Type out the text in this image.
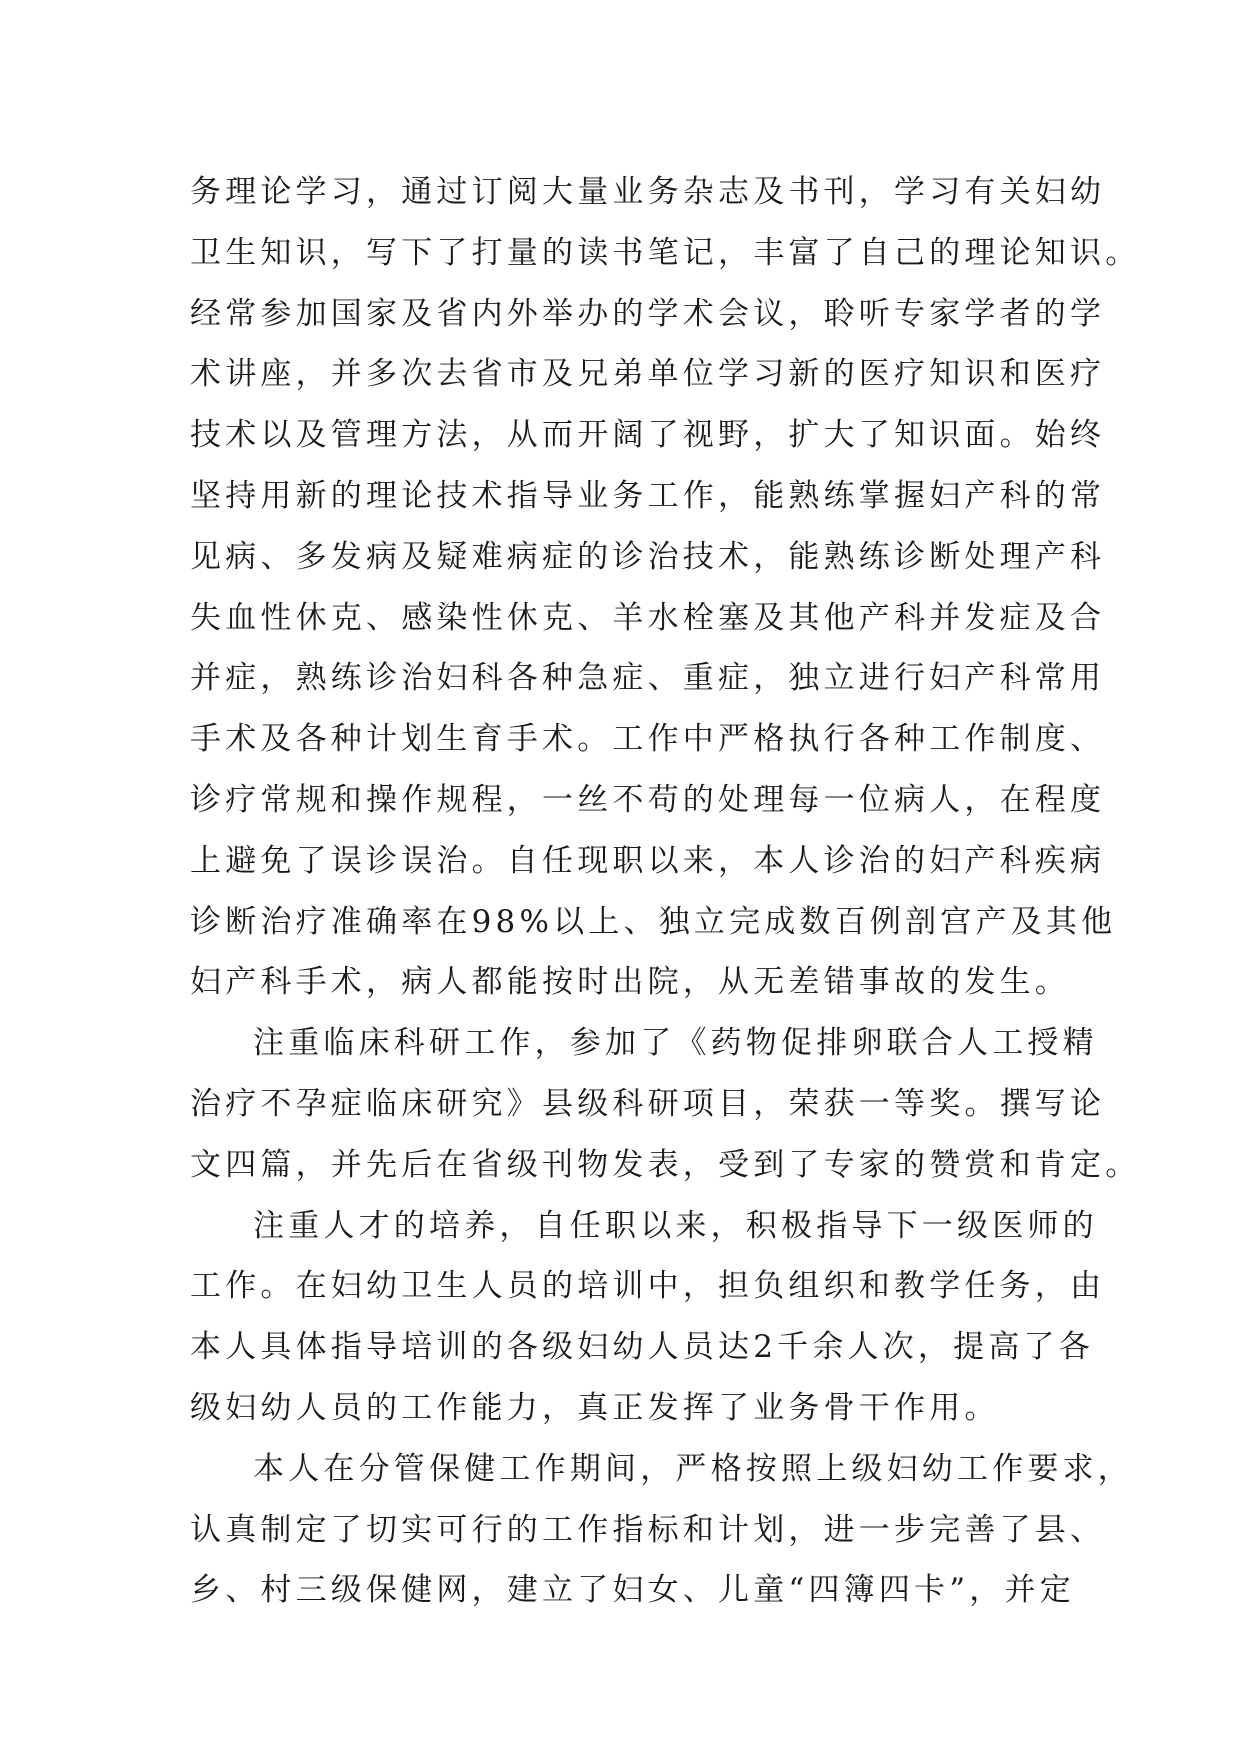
务理论学习，通过订阅大量业务杂志及书刊，学习有关妇幼
卫生知识，写下了打量的读书笔记，丰富了自己的理论知识。
经常参加国家及省内外举办的学术会议，聆听专家学者的学
术讲座，并多次去省市及兄弟单位学习新的医疗知识和医疗
技术以及管理方法，从而开阔了视野，扩大了知识面。始终
坚持用新的理论技术指导业务工作，能熟练掌握妇产科的常
见病、多发病及疑难病症的诊治技术，能熟练诊断处理产科
失血性休克、感染性休克、羊水栓塞及其他产科并发症及合
并症，熟练诊治妇科各种急症、重症，独立进行妇产科常用
手术及各种计划生育手术。工作中严格执行各种工作制度、
诊疗常规和操作规程，一丝不苟的处理每一位病人，在程度
上避免了误诊误治。自任现职以来，本人诊治的妇产科疾病
诊断治疗准确率在98%以上、独立完成数百例剖宫产及其他
妇产科手术，病人都能按时出院，从无差错事故的发生。
注重临床科研工作，参加了《药物促排卵联合人工授精
治疗不孕症临床研究》县级科研项目，荣获一等奖。撰写论
文四篇，并先后在省级刊物发表，受到了专家的赞赏和肯定。
注重人才的培养，自任职以来，积极指导下一级医师的
工作。在妇幼卫生人员的培训中，担负组织和教学任务，由
本人具体指导培训的各级妇幼人员达2千余人次，提高了各
级妇幼人员的工作能力，真正发挥了业务骨干作用。
本人在分管保健工作期间，严格按照上级妇幼工作要求，
认真制定了切实可行的工作指标和计划，进一步完善了县、
乡、村三级保健网，建立了妇女、儿童“四簿四卡”，并定
